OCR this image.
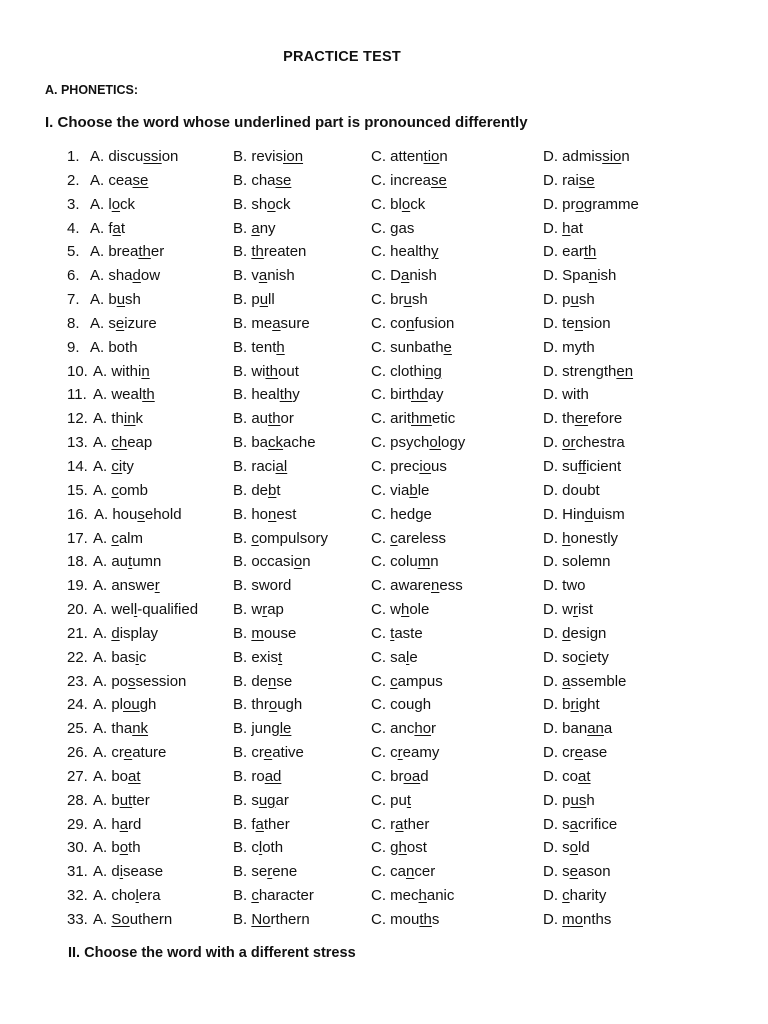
PRACTICE TEST
A. PHONETICS:
I. Choose the word whose underlined part is pronounced differently
1. A. discussion	B. revision	C. attention	D. admission
2. A. cease	B. chase	C. increase	D. raise
3. A. lock	B. shock	C. block	D. programme
4. A. fat	B. any	C. gas	D. hat
5. A. breather	B. threaten	C. healthy	D. earth
6. A. shadow	B. vanish	C. Danish	D. Spanish
7. A. bush	B. pull	C. brush	D. push
8. A. seizure	B. measure	C. confusion	D. tension
9. A. both	B. tenth	C. sunbathe	D. myth
10. A. within	B. without	C. clothing	D. strengthen
11. A. wealth	B. healthy	C. birthday	D. with
12. A. think	B. author	C. arithmetic	D. therefore
13. A. cheap	B. backache	C. psychology	D. orchestra
14. A. city	B. racial	C. precious	D. sufficient
15. A. comb	B. debt	C. viable	D. doubt
16. A. household	B. honest	C. hedge	D. Hinduism
17. A. calm	B. compulsory	C. careless	D. honestly
18. A. autumn	B. occasion	C. column	D. solemn
19. A. answer	B. sword	C. awareness	D. two
20. A. well-qualified B. wrap	C. whole	D. wrist
21. A. display	B. mouse	C. taste	D. design
22. A. basic	B. exist	C. sale	D. society
23. A. possession	B. dense	C. campus	D. assemble
24. A. plough	B. through	C. cough	D. bright
25. A. thank	B. jungle	C. anchor	D. banana
26. A. creature	B. creative	C. creamy	D. crease
27. A. boat	B. road	C. broad	D. coat
28. A. butter	B. sugar	C. put	D. push
29. A. hard	B. father	C. rather	D. sacrifice
30. A. both	B. cloth	C. ghost	D. sold
31. A. disease	B. serene	C. cancer	D. season
32. A. cholera	B. character	C. mechanic	D. charity
33. A. Southern	B. Northern	C. mouths	D. months
II. Choose the word with a different stress
